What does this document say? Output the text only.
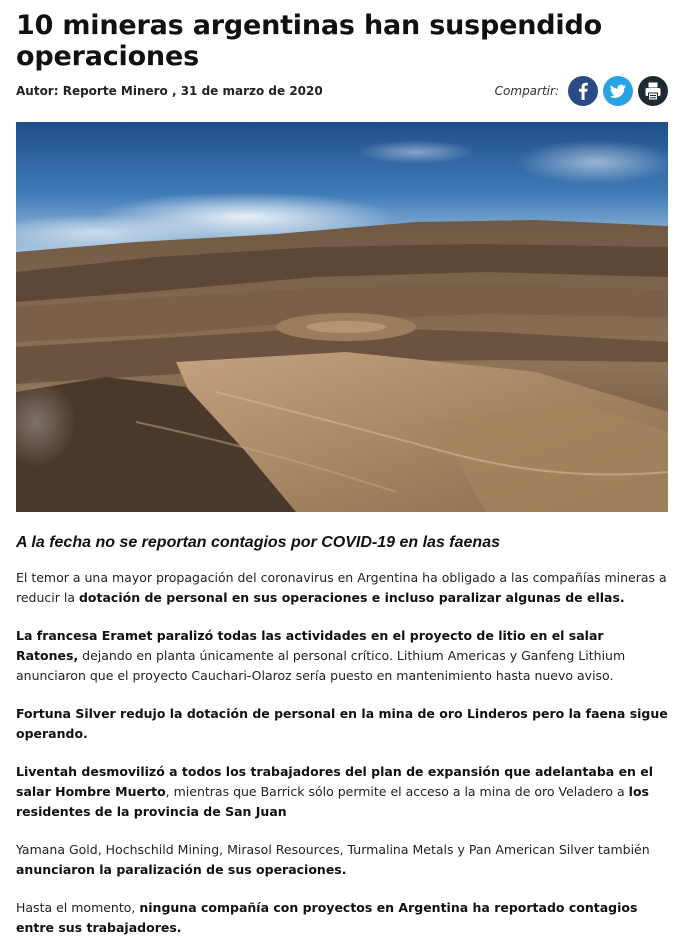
10 mineras argentinas han suspendido operaciones
Autor: Reporte Minero , 31 de marzo de 2020	Compartir:
A la fecha no se reportan contagios por COVID-19 en las faenas

El temor a una mayor propagación del coronavirus en Argentina ha obligado a las compañías mineras a reducir la dotación de personal en sus operaciones e incluso paralizar algunas de ellas.

La francesa Eramet paralizó todas las actividades en el proyecto de litio en el salar Ratones, dejando en planta únicamente al personal crítico. Lithium Americas y Ganfeng Lithium anunciaron que el proyecto Cauchari-Olaroz sería puesto en mantenimiento hasta nuevo aviso.

Fortuna Silver redujo la dotación de personal en la mina de oro Linderos pero la faena sigue operando.

Liventah desmovilizó a todos los trabajadores del plan de expansión que adelantaba en el salar Hombre Muerto, mientras que Barrick sólo permite el acceso a la mina de oro Veladero a los residentes de la provincia de San Juan

Yamana Gold, Hochschild Mining, Mirasol Resources, Turmalina Metals y Pan American Silver también anunciaron la paralización de sus operaciones.

Hasta el momento, ninguna compañía con proyectos en Argentina ha reportado contagios entre sus trabajadores.
